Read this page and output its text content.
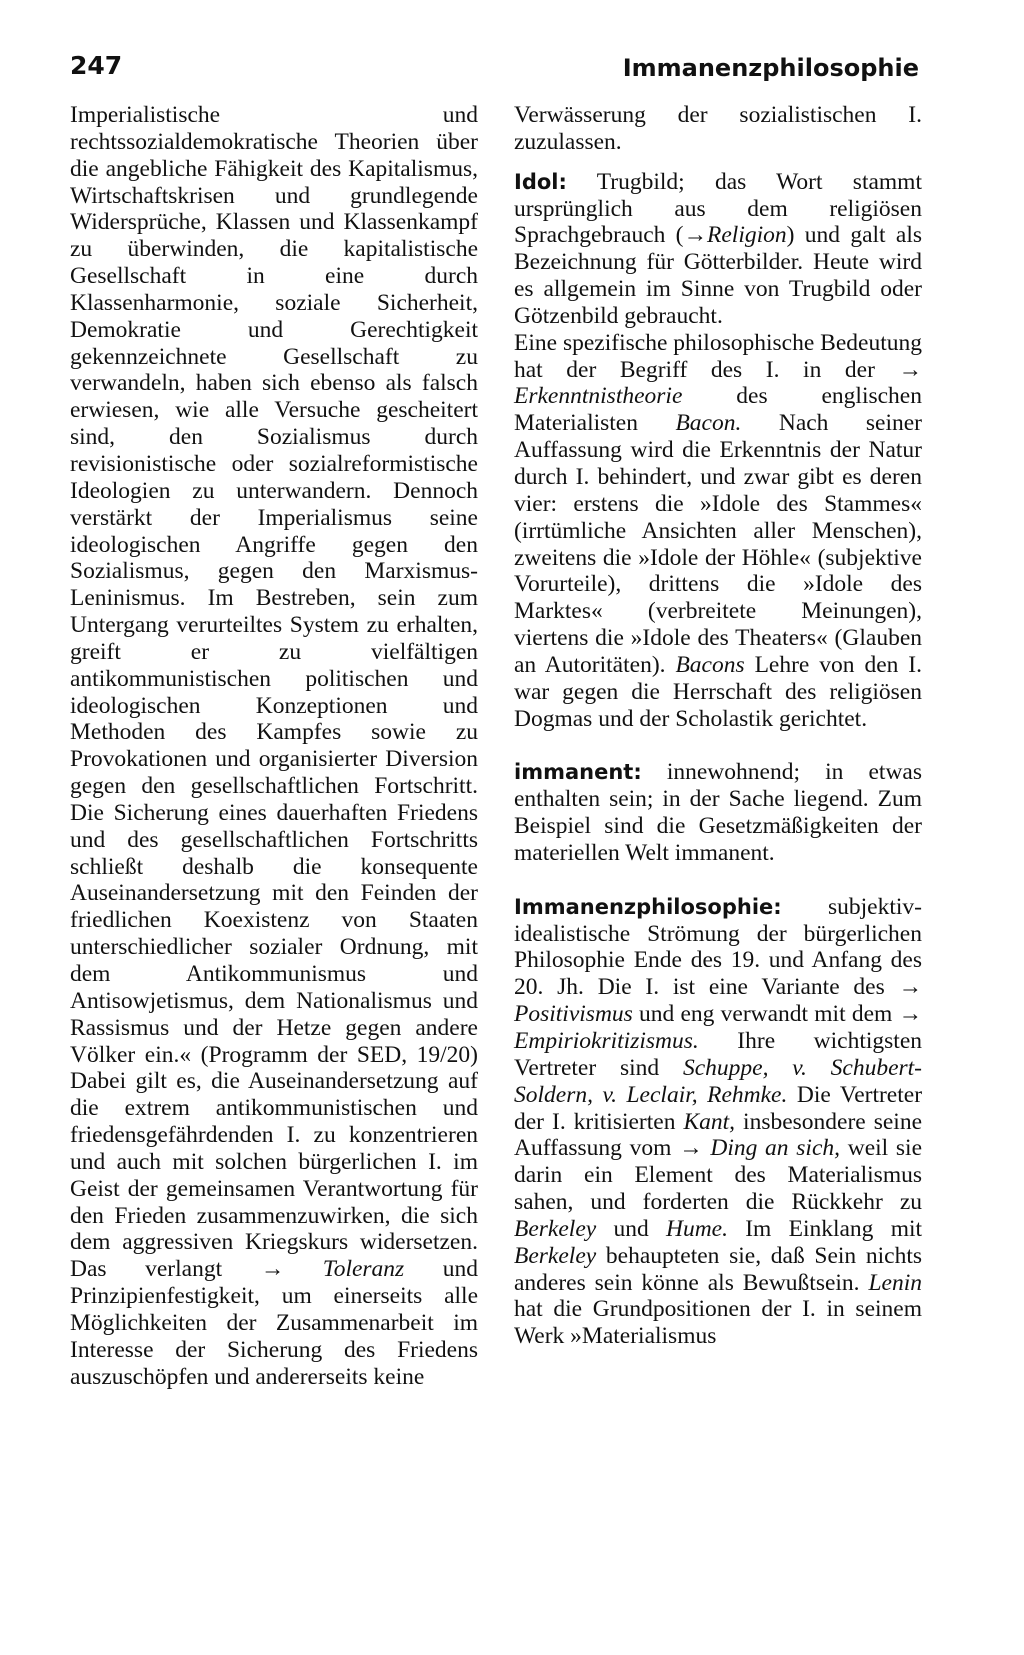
247	Immanenzphilosophie

Imperialistische und rechtssozialdemokratische Theorien über die angebliche Fähigkeit des Kapitalismus, Wirtschaftskrisen und grundlegende Widersprüche, Klassen und Klassenkampf zu überwinden, die kapitalistische Gesellschaft in eine durch Klassenharmonie, soziale Sicherheit, Demokratie und Gerechtigkeit gekennzeichnete Gesellschaft zu verwandeln, haben sich ebenso als falsch erwiesen, wie alle Versuche gescheitert sind, den Sozialismus durch revisionistische oder sozialreformistische Ideologien zu unterwandern. Dennoch verstärkt der Imperialismus seine ideologischen Angriffe gegen den Sozialismus, gegen den Marxismus-Leninismus. Im Bestreben, sein zum Untergang verurteiltes System zu erhalten, greift er zu vielfältigen antikommunistischen politischen und ideologischen Konzeptionen und Methoden des Kampfes sowie zu Provokationen und organisierter Diversion gegen den gesellschaftlichen Fortschritt. Die Sicherung eines dauerhaften Friedens und des gesellschaftlichen Fortschritts schließt deshalb die konsequente Auseinandersetzung mit den Feinden der friedlichen Koexistenz von Staaten unterschiedlicher sozialer Ordnung, mit dem Antikommunismus und Antisowjetismus, dem Nationalismus und Rassismus und der Hetze gegen andere Völker ein.« (Programm der SED, 19/20) Dabei gilt es, die Auseinandersetzung auf die extrem antikommunistischen und friedensgefährdenden I. zu konzentrieren und auch mit solchen bürgerlichen I. im Geist der gemeinsamen Verantwortung für den Frieden zusammenzuwirken, die sich dem aggressiven Kriegskurs widersetzen. Das verlangt → Toleranz und Prinzipienfestigkeit, um einerseits alle Möglichkeiten der Zusammenarbeit im Interesse der Sicherung des Friedens auszuschöpfen und andererseits keine

Verwässerung der sozialistischen I. zuzulassen.

Idol: Trugbild; das Wort stammt ursprünglich aus dem religiösen Sprachgebrauch (→Religion) und galt als Bezeichnung für Götterbilder. Heute wird es allgemein im Sinne von Trugbild oder Götzenbild gebraucht.

Eine spezifische philosophische Bedeutung hat der Begriff des I. in der → Erkenntnistheorie des englischen Materialisten Bacon. Nach seiner Auffassung wird die Erkenntnis der Natur durch I. behindert, und zwar gibt es deren vier: erstens die »Idole des Stammes« (irrtümliche Ansichten aller Menschen), zweitens die »Idole der Höhle« (subjektive Vorurteile), drittens die »Idole des Marktes« (verbreitete Meinungen), viertens die »Idole des Theaters« (Glauben an Autoritäten). Bacons Lehre von den I. war gegen die Herrschaft des religiösen Dogmas und der Scholastik gerichtet.

immanent: innewohnend; in etwas enthalten sein; in der Sache liegend. Zum Beispiel sind die Gesetzmäßigkeiten der materiellen Welt immanent.

Immanenzphilosophie: subjektiv-idealistische Strömung der bürgerlichen Philosophie Ende des 19. und Anfang des 20. Jh. Die I. ist eine Variante des → Positivismus und eng verwandt mit dem → Empiriokritizismus. Ihre wichtigsten Vertreter sind Schuppe, v. Schubert-Soldern, v. Leclair, Rehmke. Die Vertreter der I. kritisierten Kant, insbesondere seine Auffassung vom → Ding an sich, weil sie darin ein Element des Materialismus sahen, und forderten die Rückkehr zu Berkeley und Hume. Im Einklang mit Berkeley behaupteten sie, daß Sein nichts anderes sein könne als Bewußtsein. Lenin hat die Grundpositionen der I. in seinem Werk »Materialismus
